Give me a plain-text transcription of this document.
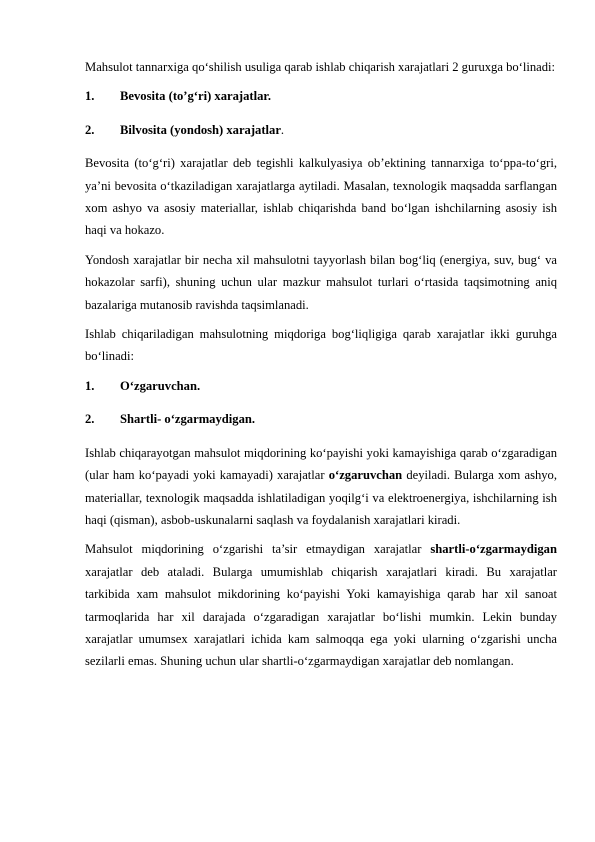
Mahsulot tannarxiga qo‘shilish usuliga qarab ishlab chiqarish xarajatlari 2 guruxga bo‘linadi:

1.	Bevosita (to’g‘ri) xarajatlar.
2.	Bilvosita (yondosh) xarajatlar.

Bevosita (to‘g‘ri) xarajatlar deb tegishli kalkulyasiya ob’ektining tannarxiga to‘ppa-to‘gri, ya’ni bevosita o‘tkaziladigan xarajatlarga aytiladi. Masalan, texnologik maqsadda sarflangan xom ashyo va asosiy materiallar, ishlab chiqarishda band bo‘lgan ishchilarning asosiy ish haqi va hokazo.

Yondosh xarajatlar bir necha xil mahsulotni tayyorlash bilan bog‘liq (energiya, suv, bug‘ va hokazolar sarfi), shuning uchun ular mazkur mahsulot turlari o‘rtasida taqsimotning aniq bazalariga mutanosib ravishda taqsimlanadi.

Ishlab chiqariladigan mahsulotning miqdoriga bog‘liqligiga qarab xarajatlar ikki guruhga bo‘linadi:

1.	O‘zgaruvchan.
2.	Shartli- o‘zgarmaydigan.

Ishlab chiqarayotgan mahsulot miqdorining ko‘payishi yoki kamayishiga qarab o‘zgaradigan (ular ham ko‘payadi yoki kamayadi) xarajatlar o‘zgaruvchan deyiladi. Bularga xom ashyo, materiallar, texnologik maqsadda ishlatiladigan yoqilg‘i va elektroenergiya, ishchilarning ish haqi (qisman), asbob-uskunalarni saqlash va foydalanish xarajatlari kiradi.

Mahsulot miqdorining o‘zgarishi ta’sir etmaydigan xarajatlar shartli-o‘zgarmaydigan xarajatlar deb ataladi. Bularga umumishlab chiqarish xarajatlari kiradi. Bu xarajatlar tarkibida xam mahsulot mikdorining ko‘payishi Yoki kamayishiga qarab har xil sanoat tarmoqlarida har xil darajada o‘zgaradigan xarajatlar bo‘lishi mumkin. Lekin bunday xarajatlar umumsex xarajatlari ichida kam salmoqqa ega yoki ularning o‘zgarishi uncha sezilarli emas. Shuning uchun ular shartli-o‘zgarmaydigan xarajatlar deb nomlangan.
